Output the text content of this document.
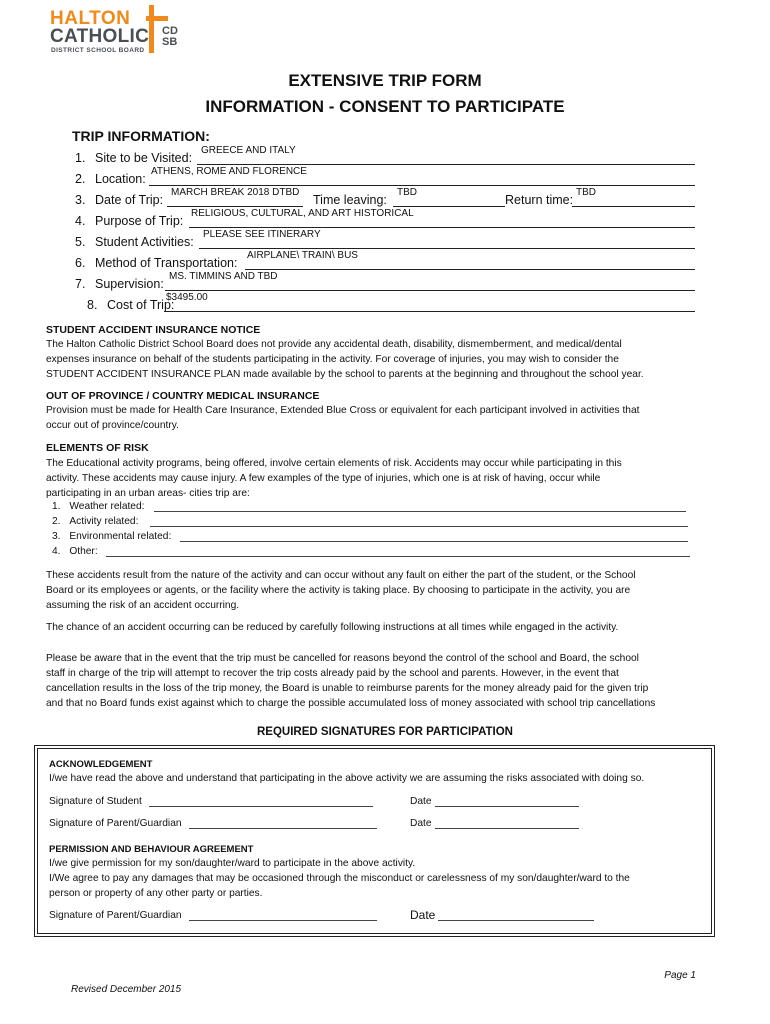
HALTON
CATHOLIC
DISTRICT SCHOOL BOARD
CD
SB
EXTENSIVE TRIP FORM
INFORMATION - CONSENT TO PARTICIPATE
TRIP INFORMATION:
1. Site to be Visited:
GREECE AND ITALY
2. Location:
ATHENS, ROME AND FLORENCE
3. Date of Trip:
MARCH BREAK 2018 DTBD
Time leaving:
TBD
Return time:
TBD
4. Purpose of Trip:
RELIGIOUS, CULTURAL, AND ART HISTORICAL
5. Student Activities:
PLEASE SEE ITINERARY
6. Method of Transportation:
AIRPLANE\ TRAIN\ BUS
7. Supervision:
MS. TIMMINS AND TBD
8. Cost of Trip:
$3495.00
STUDENT ACCIDENT INSURANCE NOTICE
The Halton Catholic District School Board does not provide any accidental death, disability, dismemberment, and medical/dental
expenses insurance on behalf of the students participating in the activity. For coverage of injuries, you may wish to consider the
STUDENT ACCIDENT INSURANCE PLAN made available by the school to parents at the beginning and throughout the school year.
OUT OF PROVINCE / COUNTRY MEDICAL INSURANCE
Provision must be made for Health Care Insurance, Extended Blue Cross or equivalent for each participant involved in activities that
occur out of province/country.
ELEMENTS OF RISK
The Educational activity programs, being offered, involve certain elements of risk. Accidents may occur while participating in this
activity. These accidents may cause injury. A few examples of the type of injuries, which one is at risk of having, occur while
participating in an urban areas- cities trip are:
1. Weather related:
2. Activity related:
3. Environmental related:
4. Other:
These accidents result from the nature of the activity and can occur without any fault on either the part of the student, or the School
Board or its employees or agents, or the facility where the activity is taking place. By choosing to participate in the activity, you are
assuming the risk of an accident occurring.
The chance of an accident occurring can be reduced by carefully following instructions at all times while engaged in the activity.
Please be aware that in the event that the trip must be cancelled for reasons beyond the control of the school and Board, the school
staff in charge of the trip will attempt to recover the trip costs already paid by the school and parents. However, in the event that
cancellation results in the loss of the trip money, the Board is unable to reimburse parents for the money already paid for the given trip
and that no Board funds exist against which to charge the possible accumulated loss of money associated with school trip cancellations
REQUIRED SIGNATURES FOR PARTICIPATION
ACKNOWLEDGEMENT
I/we have read the above and understand that participating in the above activity we are assuming the risks associated with doing so.
Signature of Student	Date
Signature of Parent/Guardian	Date
PERMISSION AND BEHAVIOUR AGREEMENT
I/we give permission for my son/daughter/ward to participate in the above activity.
I/We agree to pay any damages that may be occasioned through the misconduct or carelessness of my son/daughter/ward to the
person or property of any other party or parties.
Signature of Parent/Guardian	Date
Page 1
Revised December 2015
